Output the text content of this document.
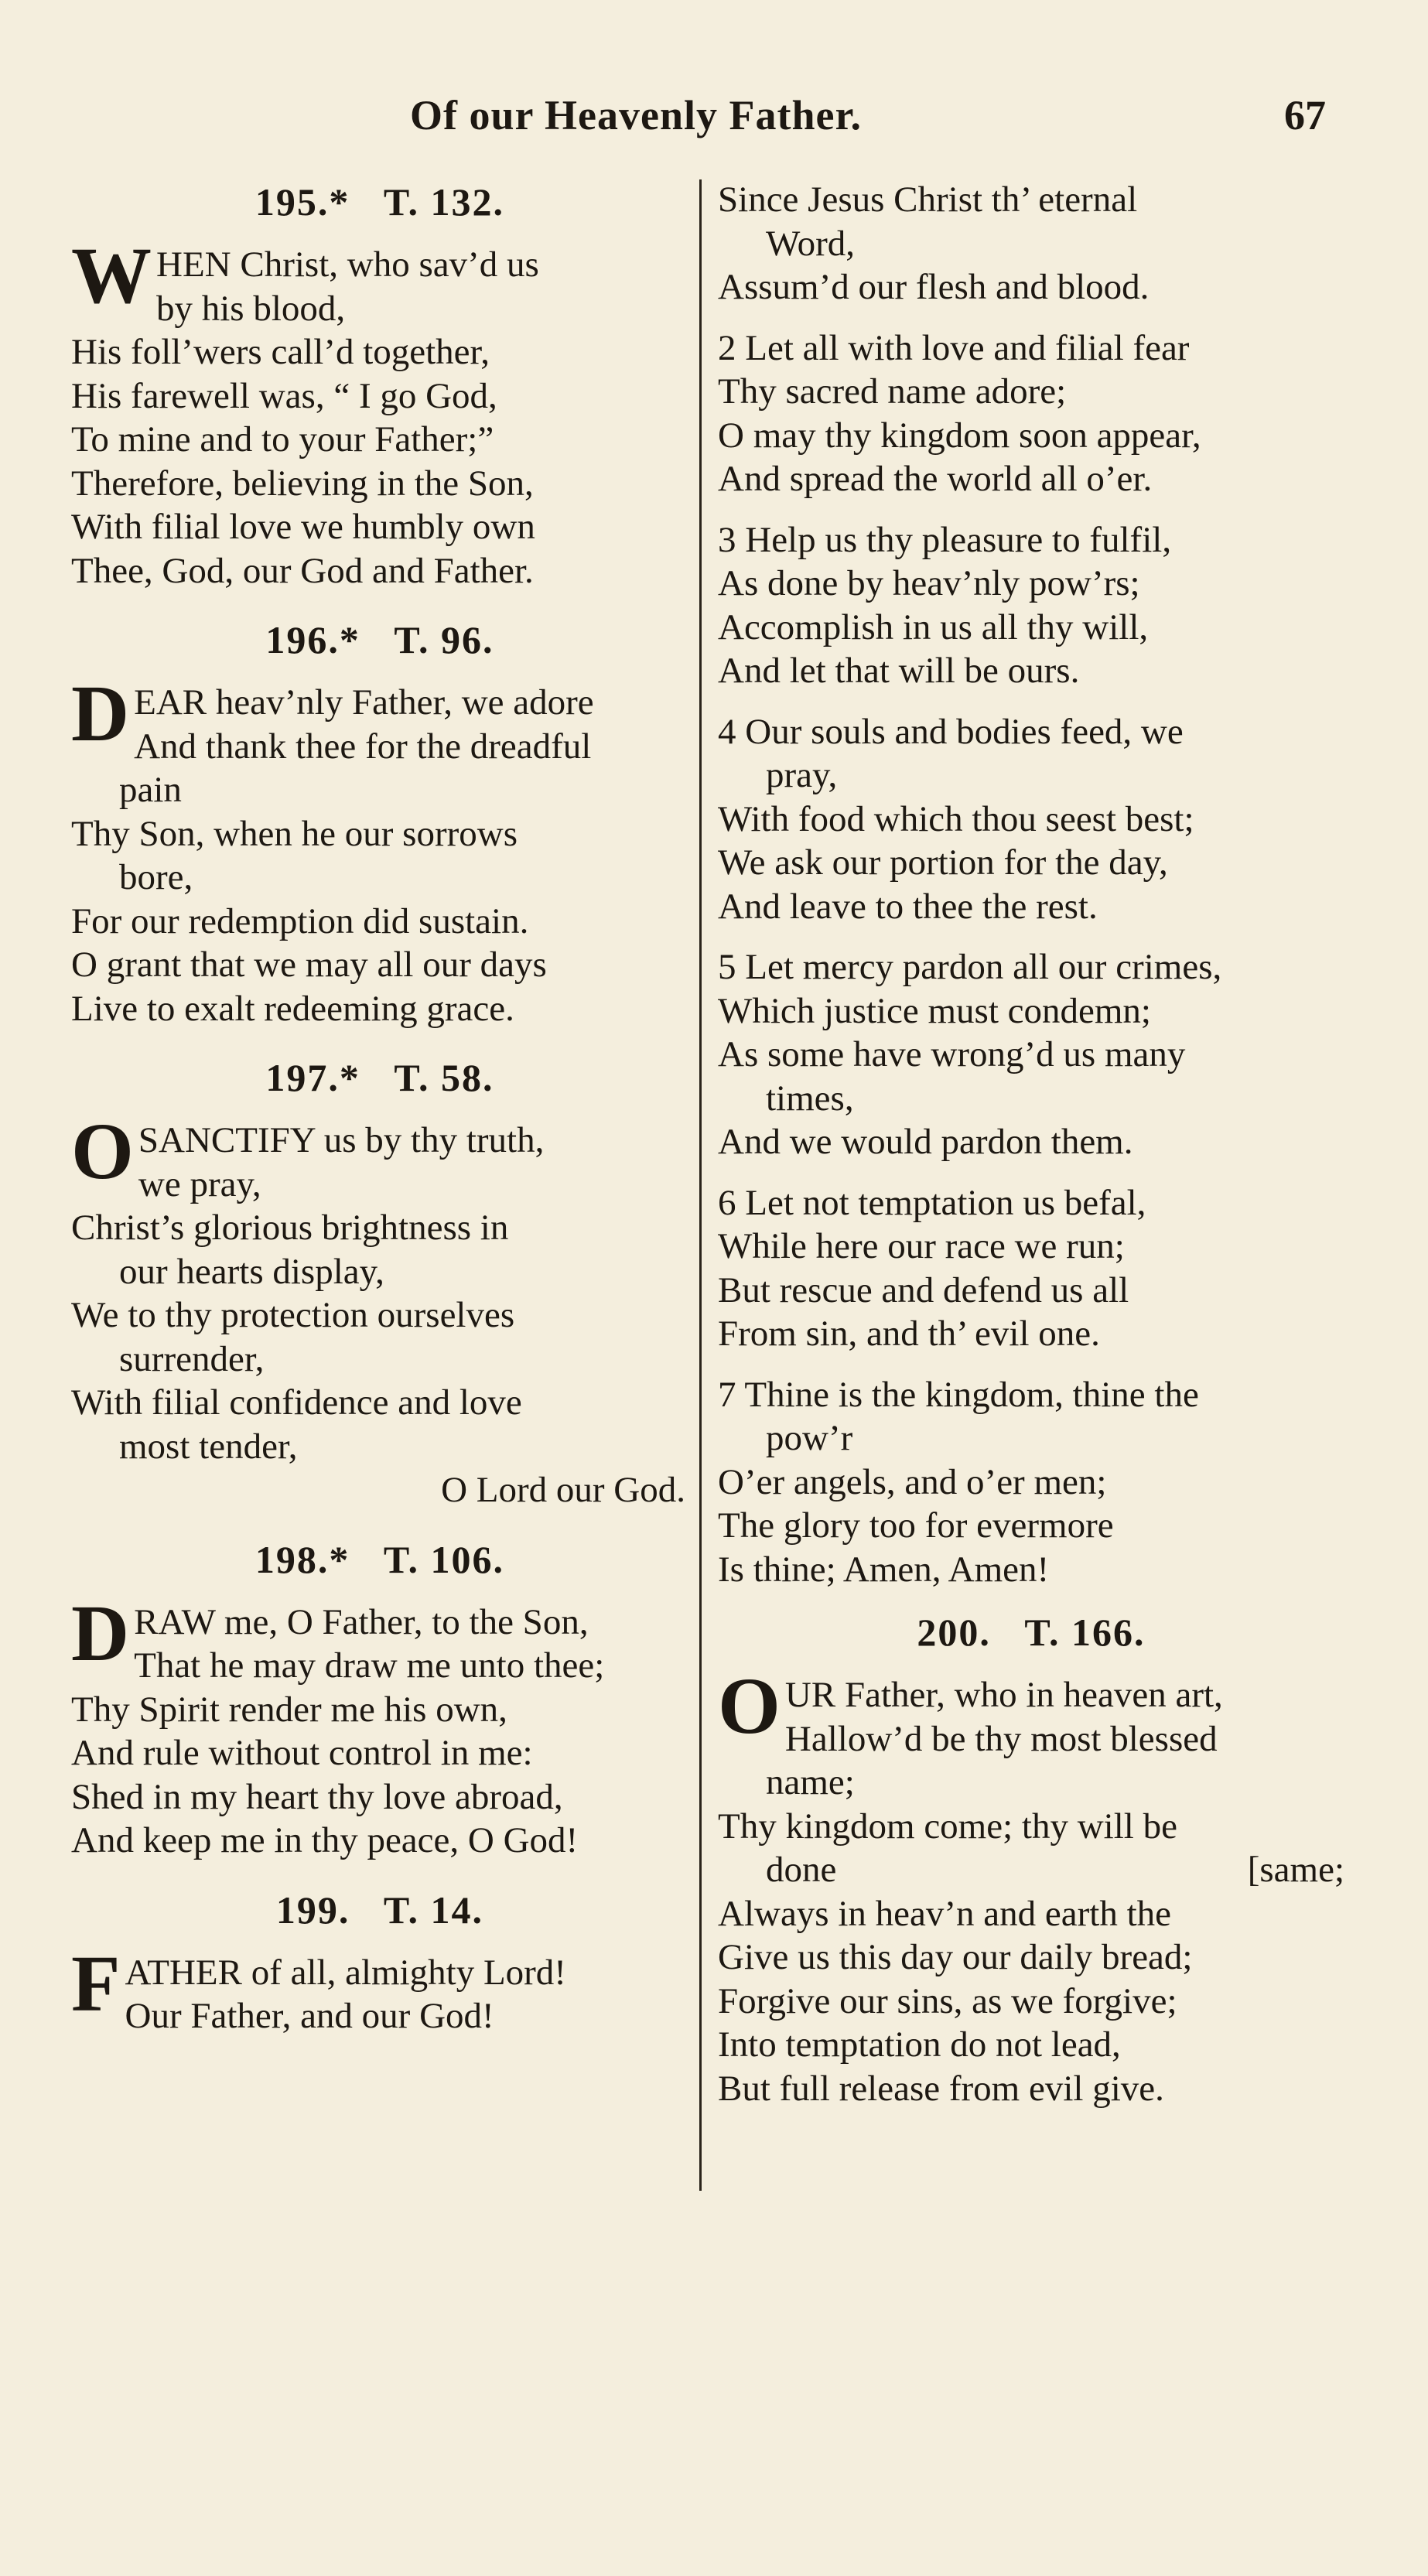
Of our Heavenly Father.	67
195.* T. 132.
WHEN Christ, who sav’d us
by his blood,
His foll’wers call’d together,
His farewell was, “ I go God,
To mine and to your Father;”
Therefore, believing in the Son,
With filial love we humbly own
Thee, God, our God and Father.
196.* T. 96.
DEAR heav’nly Father, we adore
And thank thee for the dreadful
pain
Thy Son, when he our sorrows
bore,
For our redemption did sustain.
O grant that we may all our days
Live to exalt redeeming grace.
197.* T. 58.
O SANCTIFY us by thy truth,
we pray,
Christ’s glorious brightness in
our hearts display,
We to thy protection ourselves
surrender,
With filial confidence and love
most tender,
O Lord our God.
198.* T. 106.
DRAW me, O Father, to the Son,
That he may draw me unto thee;
Thy Spirit render me his own,
And rule without control in me:
Shed in my heart thy love abroad,
And keep me in thy peace, O God!
199. T. 14.
FATHER of all, almighty Lord!
Our Father, and our God!
Since Jesus Christ th’ eternal
Word,
Assum’d our flesh and blood.
2 Let all with love and filial fear
Thy sacred name adore;
O may thy kingdom soon appear,
And spread the world all o’er.
3 Help us thy pleasure to fulfil,
As done by heav’nly pow’rs;
Accomplish in us all thy will,
And let that will be ours.
4 Our souls and bodies feed, we
pray,
With food which thou seest best;
We ask our portion for the day,
And leave to thee the rest.
5 Let mercy pardon all our crimes,
Which justice must condemn;
As some have wrong’d us many
times,
And we would pardon them.
6 Let not temptation us befal,
While here our race we run;
But rescue and defend us all
From sin, and th’ evil one.
7 Thine is the kingdom, thine the
pow’r
O’er angels, and o’er men;
The glory too for evermore
Is thine; Amen, Amen!
200. T. 166.
OUR Father, who in heaven art,
Hallow’d be thy most blessed
name;
Thy kingdom come; thy will be
done	[same;
Always in heav’n and earth the
Give us this day our daily bread;
Forgive our sins, as we forgive;
Into temptation do not lead,
But full release from evil give.
